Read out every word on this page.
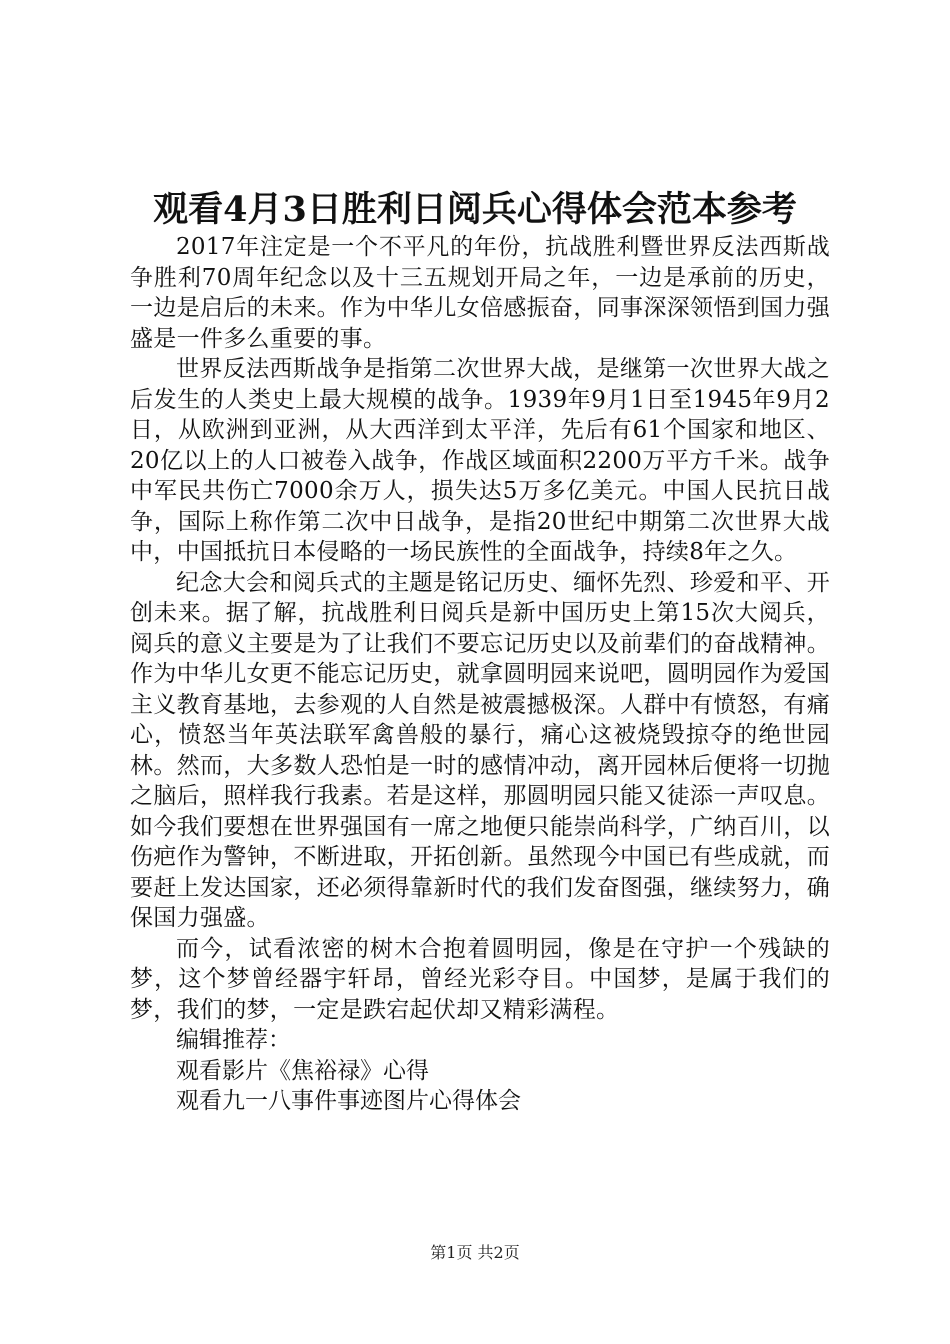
观看4月3日胜利日阅兵心得体会范本参考

2017年注定是一个不平凡的年份，抗战胜利暨世界反法西斯战争胜利70周年纪念以及十三五规划开局之年，一边是承前的历史，一边是启后的未来。作为中华儿女倍感振奋，同事深深领悟到国力强盛是一件多么重要的事。

世界反法西斯战争是指第二次世界大战，是继第一次世界大战之后发生的人类史上最大规模的战争。1939年9月1日至1945年9月2日，从欧洲到亚洲，从大西洋到太平洋，先后有61个国家和地区、20亿以上的人口被卷入战争，作战区域面积2200万平方千米。战争中军民共伤亡7000余万人，损失达5万多亿美元。中国人民抗日战争，国际上称作第二次中日战争，是指20世纪中期第二次世界大战中，中国抵抗日本侵略的一场民族性的全面战争，持续8年之久。

纪念大会和阅兵式的主题是铭记历史、缅怀先烈、珍爱和平、开创未来。据了解，抗战胜利日阅兵是新中国历史上第15次大阅兵，阅兵的意义主要是为了让我们不要忘记历史以及前辈们的奋战精神。作为中华儿女更不能忘记历史，就拿圆明园来说吧，圆明园作为爱国主义教育基地，去参观的人自然是被震撼极深。人群中有愤怒，有痛心，愤怒当年英法联军禽兽般的暴行，痛心这被烧毁掠夺的绝世园林。然而，大多数人恐怕是一时的感情冲动，离开园林后便将一切抛之脑后，照样我行我素。若是这样，那圆明园只能又徒添一声叹息。如今我们要想在世界强国有一席之地便只能崇尚科学，广纳百川，以伤疤作为警钟，不断进取，开拓创新。虽然现今中国已有些成就，而要赶上发达国家，还必须得靠新时代的我们发奋图强，继续努力，确保国力强盛。

而今，试看浓密的树木合抱着圆明园，像是在守护一个残缺的梦，这个梦曾经器宇轩昂，曾经光彩夺目。中国梦，是属于我们的梦，我们的梦，一定是跌宕起伏却又精彩满程。

编辑推荐：

观看影片《焦裕禄》心得

观看九一八事件事迹图片心得体会

第1页 共2页
